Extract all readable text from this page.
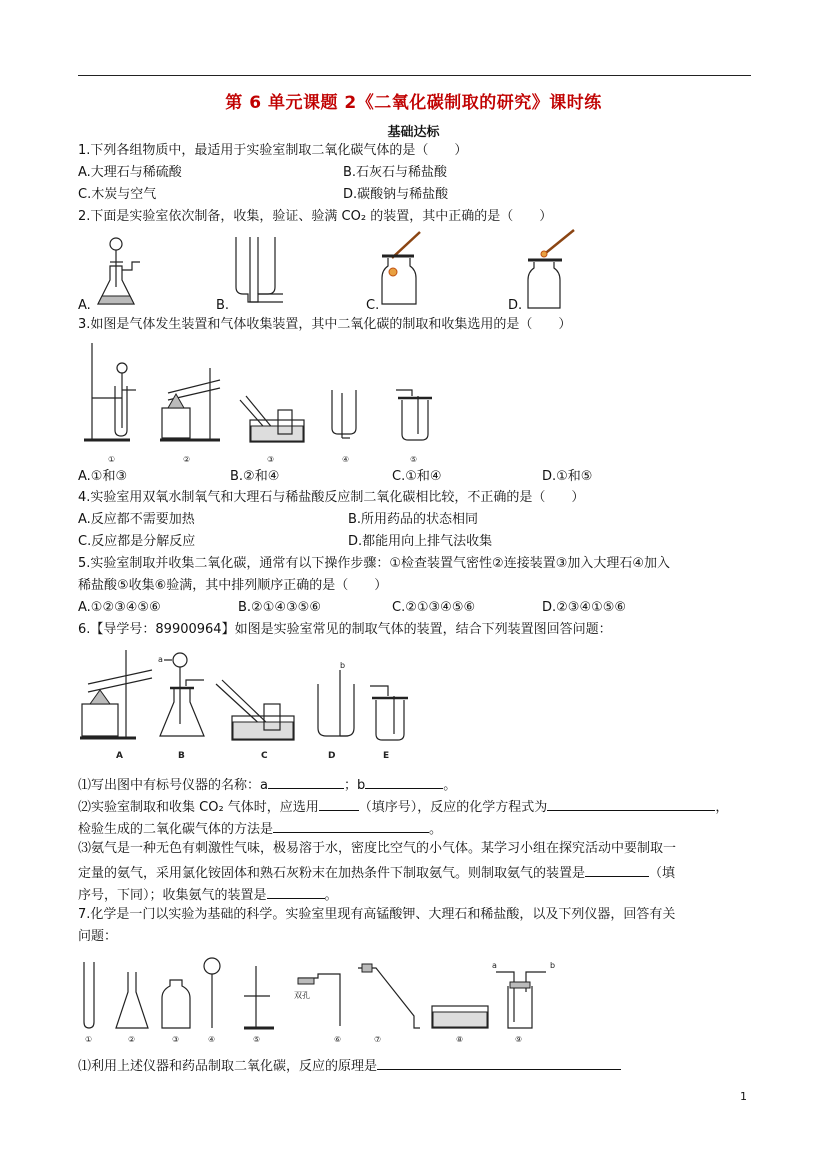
第 6 单元课题 2《二氧化碳制取的研究》课时练
基础达标
1.下列各组物质中，最适用于实验室制取二氧化碳气体的是（　　）
A.大理石与稀硫酸	B.石灰石与稀盐酸
C.木炭与空气	D.碳酸钠与稀盐酸
2.下面是实验室依次制备，收集，验证、验满 CO₂ 的装置，其中正确的是（　　）
A.	B.	C.	D.
3.如图是气体发生装置和气体收集装置，其中二氧化碳的制取和收集选用的是（　　）
①	②	③	④	⑤
A.①和③	B.②和④	C.①和④	D.①和⑤
4.实验室用双氧水制氧气和大理石与稀盐酸反应制二氧化碳相比较，不正确的是（　　）
A.反应都不需要加热	B.所用药品的状态相同
C.反应都是分解反应	D.都能用向上排气法收集
5.实验室制取并收集二氧化碳，通常有以下操作步骤：①检查装置气密性②连接装置③加入大理石④加入
稀盐酸⑤收集⑥验满，其中排列顺序正确的是（　　）
A.①②③④⑤⑥	B.②①④③⑤⑥	C.②①③④⑤⑥	D.②③④①⑤⑥
6.【导学号：89900964】如图是实验室常见的制取气体的装置，结合下列装置图回答问题：
A
a
B	C
b
D	E
⑴写出图中有标号仪器的名称：a	；b	。
⑵实验室制取和收集 CO₂ 气体时，应选用	（填序号），反应的化学方程式为	，
检验生成的二氧化碳气体的方法是	。
⑶氨气是一种无色有刺激性气味，极易溶于水，密度比空气的小气体。某学习小组在探究活动中要制取一
定量的氨气，采用氯化铵固体和熟石灰粉末在加热条件下制取氨气。则制取氨气的装置是	（填
序号，下同）；收集氨气的装置是	。
7.化学是一门以实验为基础的科学。实验室里现有高锰酸钾、大理石和稀盐酸，以及下列仪器，回答有关
问题：
①	②	③	④	⑤
双孔
⑥	⑦	⑧
a	b
⑨
⑴利用上述仪器和药品制取二氧化碳，反应的原理是
1
